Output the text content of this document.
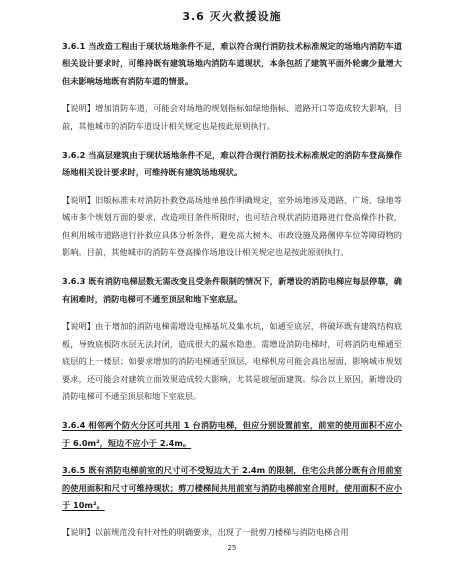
3.6 灭火救援设施

3.6.1 当改造工程由于现状场地条件不足，难以符合现行消防技术标准规定的场地内消防车道相关设计要求时，可维持既有建筑场地内消防车道现状，本条包括了建筑平面外轮廓少量增大但未影响场地既有消防车道的情景。

【说明】增加消防车道，可能会对场地的规划指标如绿地指标、道路开口等造成较大影响，目前，其他城市的消防车道设计相关规定也是按此原则执行。

3.6.2 当高层建筑由于现状场地条件不足，难以符合现行消防技术标准规定的消防车登高操作场地相关设计要求时，可维持既有建筑场地现状。

【说明】旧版标准未对消防扑救登高场地单独作明确规定，室外场地涉及道路、广场、绿地等城市多个规划方面的要求，改造项目条件所限时，也可结合现状消防道路进行登高操作扑救，但利用城市道路进行扑救应具体分析条件，避免高大树木、市政设施及路侧停车位等障碍物的影响。目前，其他城市的消防车登高操作场地设计相关规定也是按此原则执行。

3.6.3 既有消防电梯层数无需改变且受条件限制的情况下，新增设的消防电梯应每层停靠，确有困难时，消防电梯可不通至顶层和地下室底层。

【说明】由于增加的消防电梯需增设电梯基坑及集水坑，如通至底层，将破坏既有建筑结构底板，导致底板防水层无法封闭，造成很大的漏水隐患。需增设消防电梯时，可将消防电梯通至底层的上一楼层；如要求增加的消防电梯通至顶层，电梯机房可能会高出屋面，影响城市规划要求，还可能会对建筑立面效果造成较大影响，尤其是坡屋面建筑。综合以上原因，新增设的消防电梯可不通至顶层和地下室底层。

3.6.4 相邻两个防火分区可共用 1 台消防电梯，但应分别设置前室，前室的使用面积不应小于 6.0m²，短边不应小于 2.4m。

3.6.5 既有消防电梯前室的尺寸可不受短边大于 2.4m 的限制，住宅公共部分既有合用前室的使用面积和尺寸可维持现状；剪刀楼梯间共用前室与消防电梯前室合用时，使用面积不应小于 10m²。

【说明】以前规范没有针对性的明确要求，出现了一批剪刀楼梯与消防电梯合用

25
